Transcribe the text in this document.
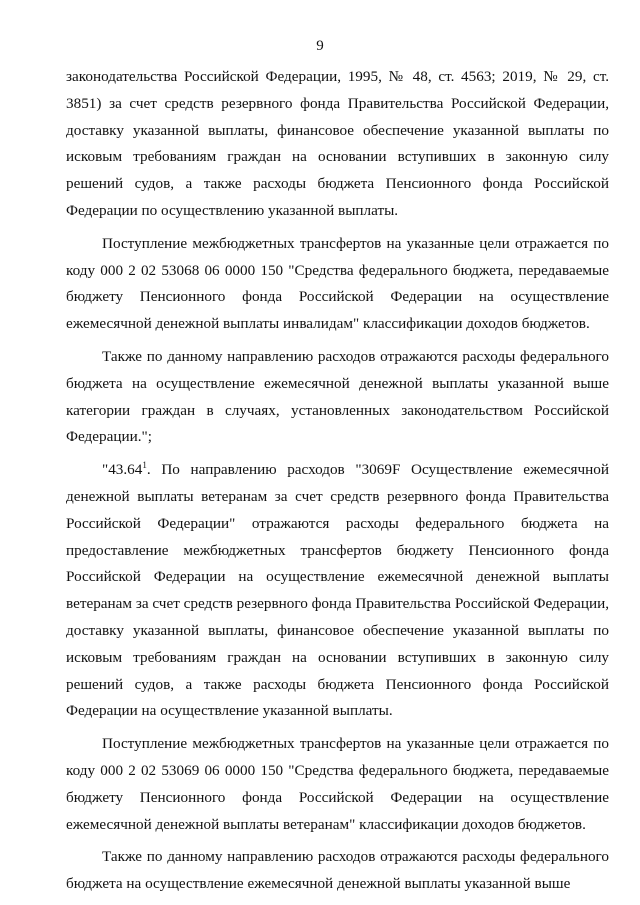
9

законодательства Российской Федерации, 1995, № 48, ст. 4563; 2019, № 29, ст. 3851) за счет средств резервного фонда Правительства Российской Федерации, доставку указанной выплаты, финансовое обеспечение указанной выплаты по исковым требованиям граждан на основании вступивших в законную силу решений судов, а также расходы бюджета Пенсионного фонда Российской Федерации по осуществлению указанной выплаты.

Поступление межбюджетных трансфертов на указанные цели отражается по коду 000 2 02 53068 06 0000 150 "Средства федерального бюджета, передаваемые бюджету Пенсионного фонда Российской Федерации на осуществление ежемесячной денежной выплаты инвалидам" классификации доходов бюджетов.

Также по данному направлению расходов отражаются расходы федерального бюджета на осуществление ежемесячной денежной выплаты указанной выше категории граждан в случаях, установленных законодательством Российской Федерации.";

"43.64$^1$. По направлению расходов "3069F Осуществление ежемесячной денежной выплаты ветеранам за счет средств резервного фонда Правительства Российской Федерации" отражаются расходы федерального бюджета на предоставление межбюджетных трансфертов бюджету Пенсионного фонда Российской Федерации на осуществление ежемесячной денежной выплаты ветеранам за счет средств резервного фонда Правительства Российской Федерации, доставку указанной выплаты, финансовое обеспечение указанной выплаты по исковым требованиям граждан на основании вступивших в законную силу решений судов, а также расходы бюджета Пенсионного фонда Российской Федерации на осуществление указанной выплаты.

Поступление межбюджетных трансфертов на указанные цели отражается по коду 000 2 02 53069 06 0000 150 "Средства федерального бюджета, передаваемые бюджету Пенсионного фонда Российской Федерации на осуществление ежемесячной денежной выплаты ветеранам" классификации доходов бюджетов.

Также по данному направлению расходов отражаются расходы федерального бюджета на осуществление ежемесячной денежной выплаты указанной выше
